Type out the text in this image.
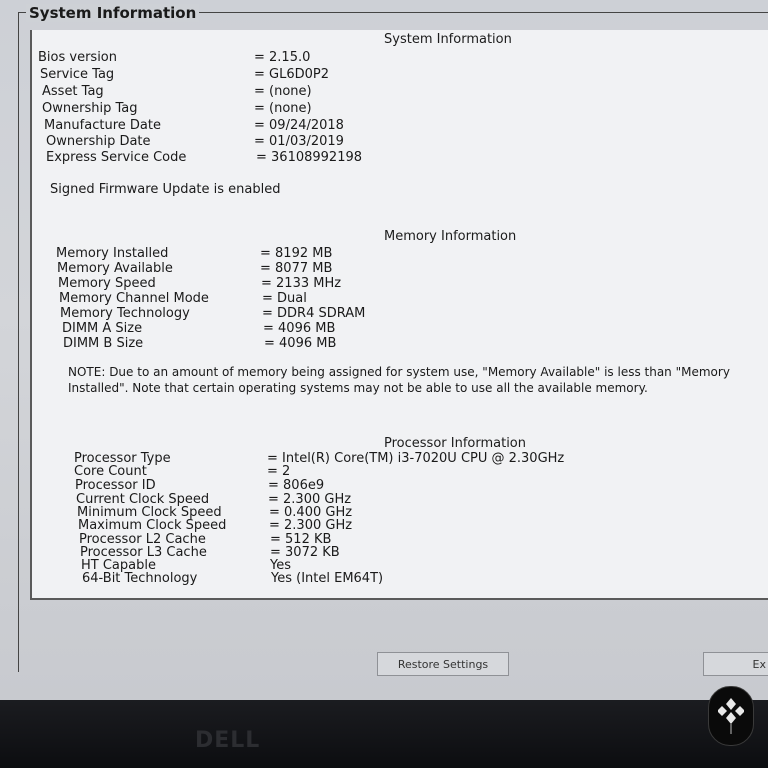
System Information
System Information
Bios version	= 2.15.0
Service Tag	= GL6D0P2
Asset Tag	= (none)
Ownership Tag	= (none)
Manufacture Date	= 09/24/2018
Ownership Date	= 01/03/2019
Express Service Code	= 36108992198
Signed Firmware Update is enabled
Memory Information
Memory Installed	= 8192 MB
Memory Available	= 8077 MB
Memory Speed	= 2133 MHz
Memory Channel Mode	= Dual
Memory Technology	= DDR4 SDRAM
DIMM A Size	= 4096 MB
DIMM B Size	= 4096 MB
NOTE: Due to an amount of memory being assigned for system use, "Memory Available" is less than "Memory Installed". Note that certain operating systems may not be able to use all the available memory.
Processor Information
Processor Type	= Intel(R) Core(TM) i3-7020U CPU @ 2.30GHz
Core Count	= 2
Processor ID	= 806e9
Current Clock Speed	= 2.300 GHz
Minimum Clock Speed	= 0.400 GHz
Maximum Clock Speed	= 2.300 GHz
Processor L2 Cache	= 512 KB
Processor L3 Cache	= 3072 KB
HT Capable	Yes
64-Bit Technology	Yes (Intel EM64T)
Restore Settings	Ex
DELL
